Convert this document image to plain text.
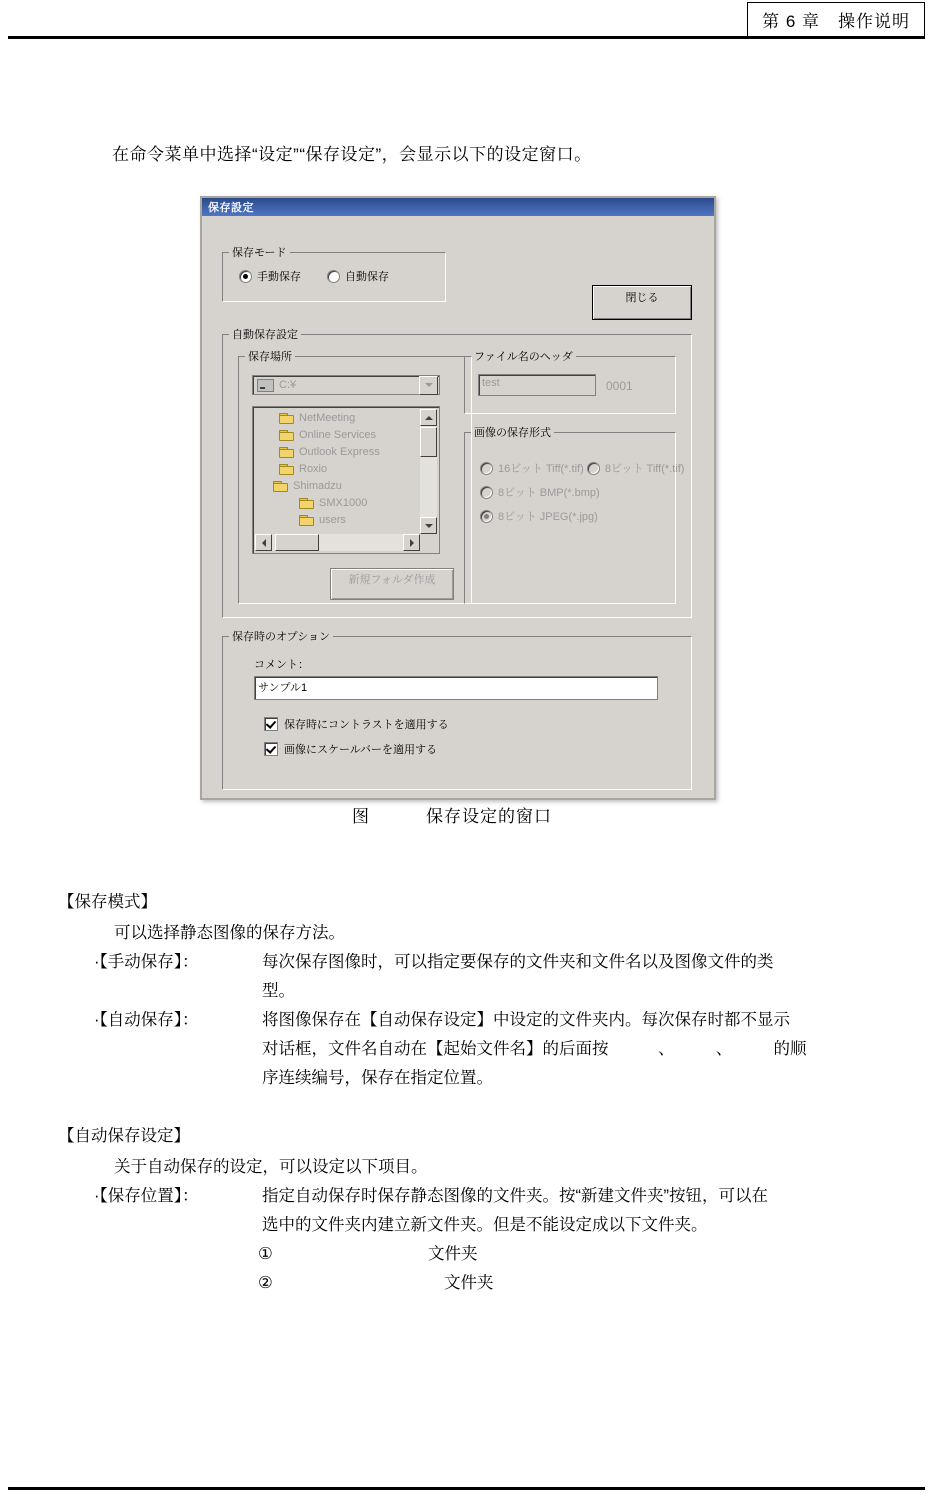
第 6 章 操作说明
在命令菜单中选择“设定”“保存设定”，会显示以下的设定窗口。
保存設定
保存モード
手動保存	自動保存
閉じる
自動保存設定
保存場所
C:¥
NetMeeting
Online Services
Outlook Express
Roxio
Shimadzu
SMX1000
users
新規フォルダ作成
ファイル名のヘッダ
test	0001
画像の保存形式
16ビット Tiff(*.tif)
8ビット Tiff(*.tif)

8ビット BMP(*.bmp)

8ビット JPEG(*.jpg)
保存時のオプション
コメント：
サンプル1
保存時にコントラストを適用する
画像にスケールバーを適用する
图	保存设定的窗口
【保存模式】
可以选择静态图像的保存方法。
·【手动保存】：	每次保存图像时，可以指定要保存的文件夹和文件名以及图像文件的类
型。
·【自动保存】：	将图像保存在【自动保存设定】中设定的文件夹内。每次保存时都不显示
对话框，文件名自动在【起始文件名】的后面按　　　、　　　、　　　的顺
序连续编号，保存在指定位置。
【自动保存设定】
关于自动保存的设定，可以设定以下项目。
·【保存位置】：	指定自动保存时保存静态图像的文件夹。按“新建文件夹”按钮，可以在
选中的文件夹内建立新文件夹。但是不能设定成以下文件夹。
①	文件夹
②	文件夹
